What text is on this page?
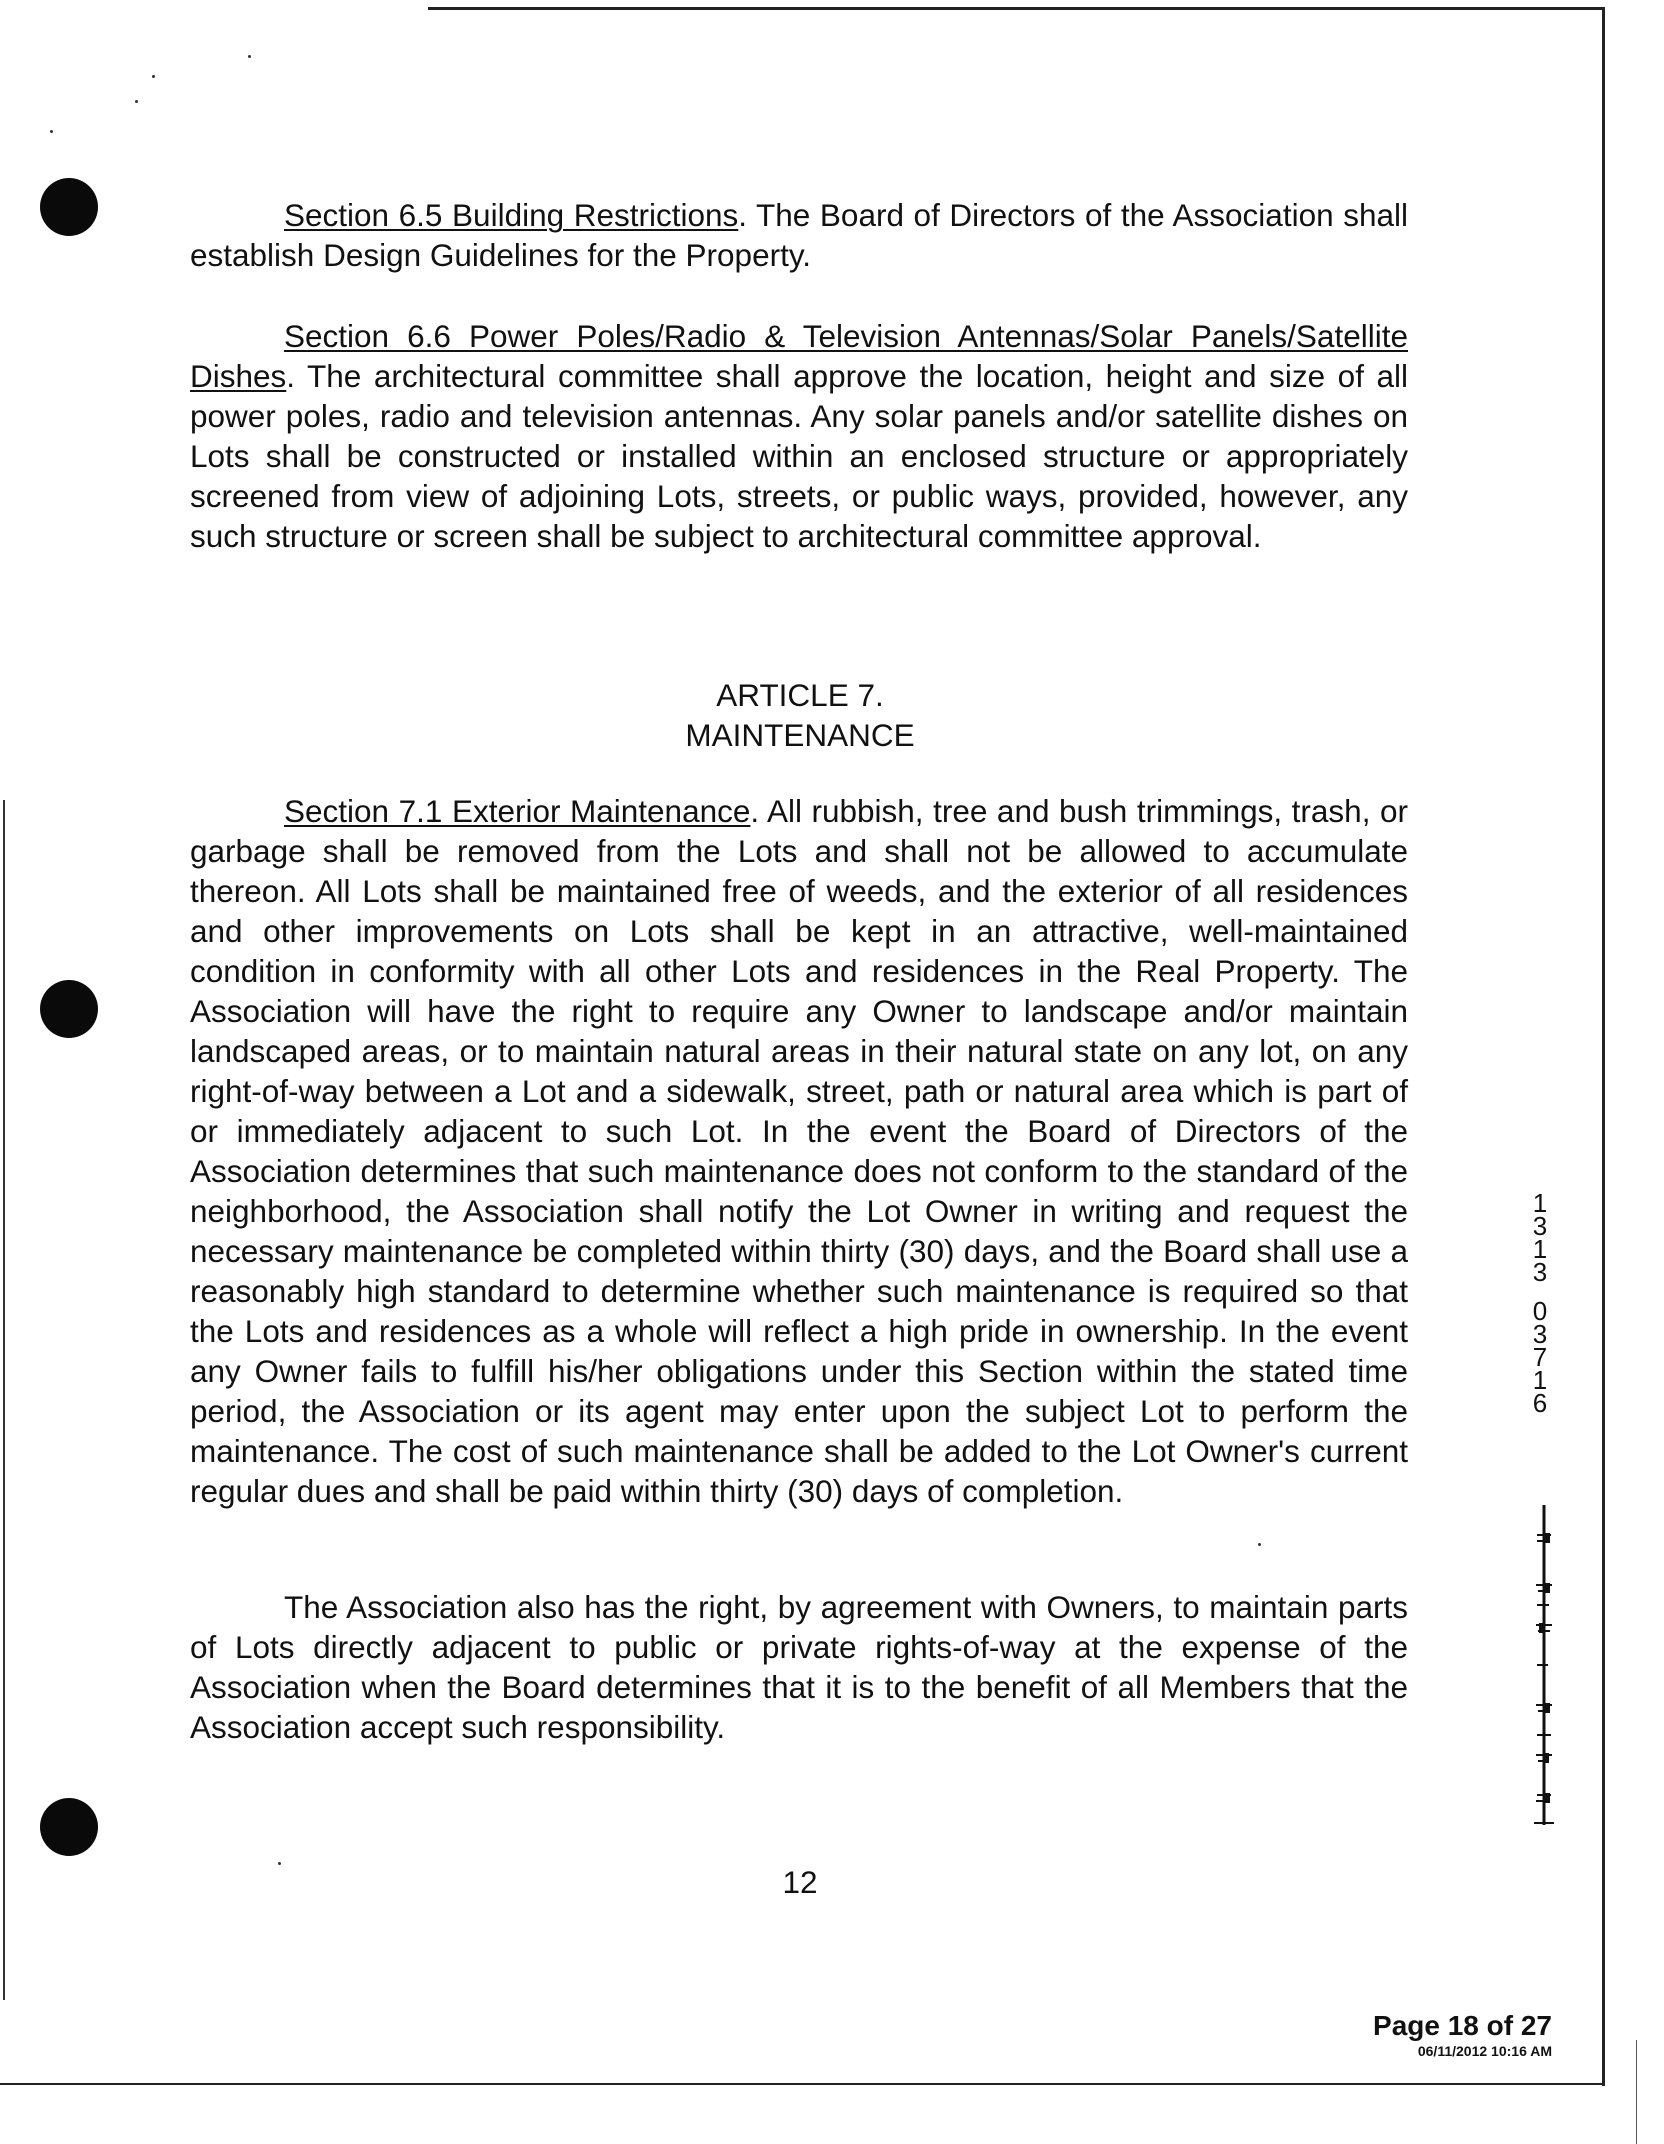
Section 6.5 Building Restrictions. The Board of Directors of the Association shall establish Design Guidelines for the Property.

Section 6.6 Power Poles/Radio & Television Antennas/Solar Panels/Satellite Dishes. The architectural committee shall approve the location, height and size of all power poles, radio and television antennas. Any solar panels and/or satellite dishes on Lots shall be constructed or installed within an enclosed structure or appropriately screened from view of adjoining Lots, streets, or public ways, provided, however, any such structure or screen shall be subject to architectural committee approval.

ARTICLE 7.
MAINTENANCE

Section 7.1 Exterior Maintenance. All rubbish, tree and bush trimmings, trash, or garbage shall be removed from the Lots and shall not be allowed to accumulate thereon. All Lots shall be maintained free of weeds, and the exterior of all residences and other improvements on Lots shall be kept in an attractive, well-maintained condition in conformity with all other Lots and residences in the Real Property. The Association will have the right to require any Owner to landscape and/or maintain landscaped areas, or to maintain natural areas in their natural state on any lot, on any right-of-way between a Lot and a sidewalk, street, path or natural area which is part of or immediately adjacent to such Lot. In the event the Board of Directors of the Association determines that such maintenance does not conform to the standard of the neighborhood, the Association shall notify the Lot Owner in writing and request the necessary maintenance be completed within thirty (30) days, and the Board shall use a reasonably high standard to determine whether such maintenance is required so that the Lots and residences as a whole will reflect a high pride in ownership. In the event any Owner fails to fulfill his/her obligations under this Section within the stated time period, the Association or its agent may enter upon the subject Lot to perform the maintenance. The cost of such maintenance shall be added to the Lot Owner's current regular dues and shall be paid within thirty (30) days of completion.

The Association also has the right, by agreement with Owners, to maintain parts of Lots directly adjacent to public or private rights-of-way at the expense of the Association when the Board determines that it is to the benefit of all Members that the Association accept such responsibility.

12
Page 18 of 27
06/11/2012 10:16 AM
1
3
1
3
0
3
7
1
6
